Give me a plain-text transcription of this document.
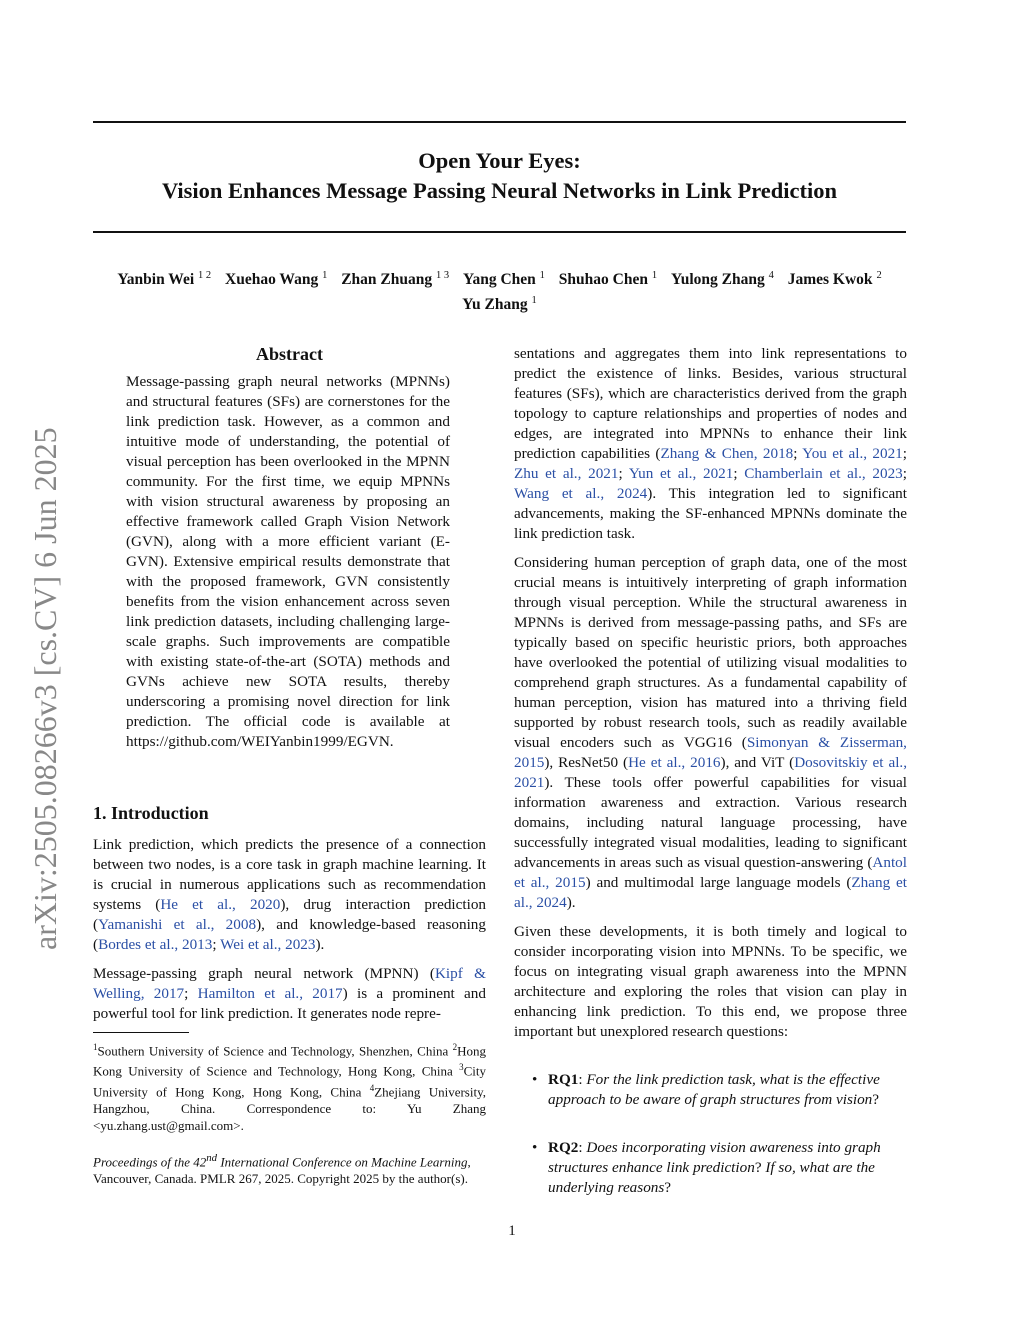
arXiv:2505.08266v3 [cs.CV] 6 Jun 2025
Open Your Eyes:
Vision Enhances Message Passing Neural Networks in Link Prediction
Yanbin Wei $^{1 2}$ Xuehao Wang $^1$ Zhan Zhuang $^{1 3}$ Yang Chen $^1$ Shuhao Chen $^1$ Yulong Zhang $^4$ James Kwok $^2$
Yu Zhang $^1$
Abstract

Message-passing graph neural networks (MPNNs) and structural features (SFs) are cornerstones for the link prediction task. However, as a common and intuitive mode of understanding, the potential of visual perception has been overlooked in the MPNN community. For the first time, we equip MPNNs with vision structural awareness by proposing an effective framework called Graph Vision Network (GVN), along with a more efficient variant (E-GVN). Extensive empirical results demonstrate that with the proposed framework, GVN consistently benefits from the vision enhancement across seven link prediction datasets, including challenging large-scale graphs. Such improvements are compatible with existing state-of-the-art (SOTA) methods and GVNs achieve new SOTA results, thereby underscoring a promising novel direction for link prediction. The official code is available at https://github.com/WEIYanbin1999/EGVN.

1. Introduction

Link prediction, which predicts the presence of a connection between two nodes, is a core task in graph machine learning. It is crucial in numerous applications such as recommendation systems (He et al., 2020), drug interaction prediction (Yamanishi et al., 2008), and knowledge-based reasoning (Bordes et al., 2013; Wei et al., 2023).

Message-passing graph neural network (MPNN) (Kipf & Welling, 2017; Hamilton et al., 2017) is a prominent and powerful tool for link prediction. It generates node repre-

$^1$Southern University of Science and Technology, Shenzhen, China $^2$Hong Kong University of Science and Technology, Hong Kong, China $^3$City University of Hong Kong, Hong Kong, China $^4$Zhejiang University, Hangzhou, China. Correspondence to: Yu Zhang <yu.zhang.ust@gmail.com>.

Proceedings of the 42nd International Conference on Machine Learning, Vancouver, Canada. PMLR 267, 2025. Copyright 2025 by the author(s).

sentations and aggregates them into link representations to predict the existence of links. Besides, various structural features (SFs), which are characteristics derived from the graph topology to capture relationships and properties of nodes and edges, are integrated into MPNNs to enhance their link prediction capabilities (Zhang & Chen, 2018; You et al., 2021; Zhu et al., 2021; Yun et al., 2021; Chamberlain et al., 2023; Wang et al., 2024). This integration led to significant advancements, making the SF-enhanced MPNNs dominate the link prediction task.

Considering human perception of graph data, one of the most crucial means is intuitively interpreting of graph information through visual perception. While the structural awareness in MPNNs is derived from message-passing paths, and SFs are typically based on specific heuristic priors, both approaches have overlooked the potential of utilizing visual modalities to comprehend graph structures. As a fundamental capability of human perception, vision has matured into a thriving field supported by robust research tools, such as readily available visual encoders such as VGG16 (Simonyan & Zisserman, 2015), ResNet50 (He et al., 2016), and ViT (Dosovitskiy et al., 2021). These tools offer powerful capabilities for visual information awareness and extraction. Various research domains, including natural language processing, have successfully integrated visual modalities, leading to significant advancements in areas such as visual question-answering (Antol et al., 2015) and multimodal large language models (Zhang et al., 2024).

Given these developments, it is both timely and logical to consider incorporating vision into MPNNs. To be specific, we focus on integrating visual graph awareness into the MPNN architecture and exploring the roles that vision can play in enhancing link prediction. To this end, we propose three important but unexplored research questions:

• RQ1: For the link prediction task, what is the effective approach to be aware of graph structures from vision?
• RQ2: Does incorporating vision awareness into graph structures enhance link prediction? If so, what are the underlying reasons?
1
